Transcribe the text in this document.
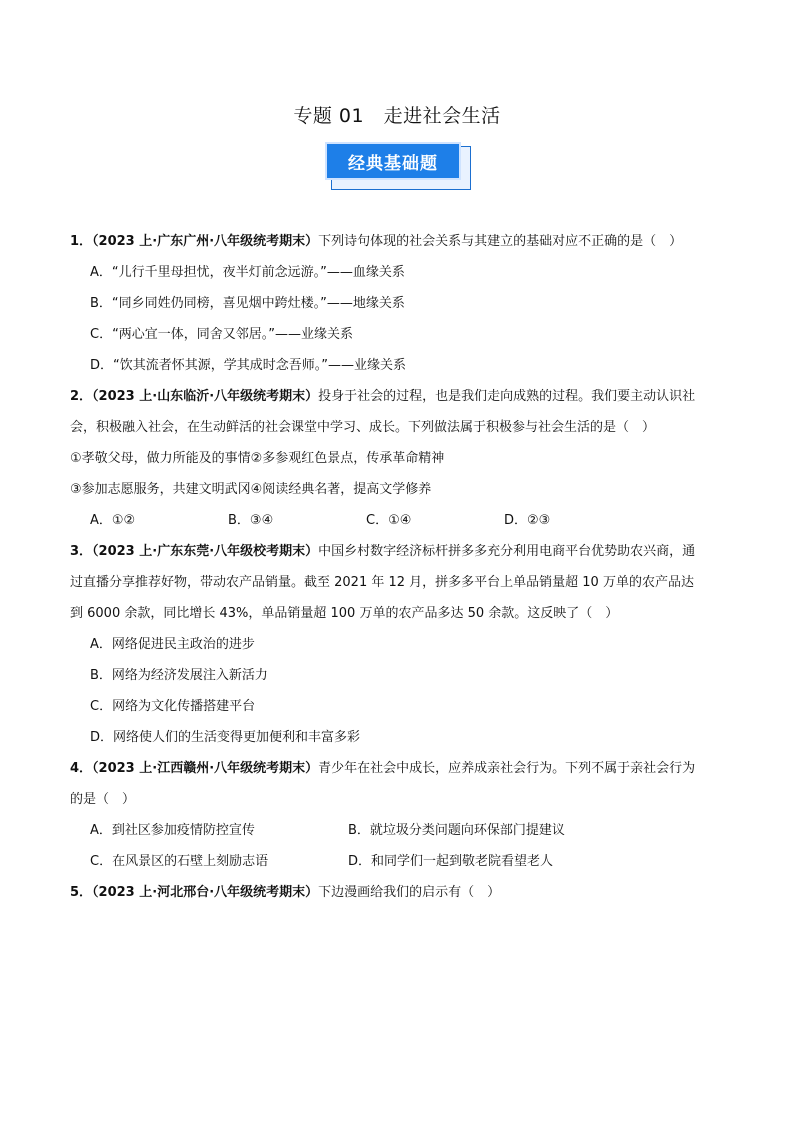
专题 01　走进社会生活
经典基础题
1．（2023 上·广东广州·八年级统考期末）下列诗句体现的社会关系与其建立的基础对应不正确的是（　）
A．“儿行千里母担忧，夜半灯前念远游。”——血缘关系
B．“同乡同姓仍同榜，喜见烟中跨灶楼。”——地缘关系
C．“两心宜一体，同舍又邻居。”——业缘关系
D．“饮其流者怀其源，学其成时念吾师。”——业缘关系
2．（2023 上·山东临沂·八年级统考期末）投身于社会的过程，也是我们走向成熟的过程。我们要主动认识社
会，积极融入社会，在生动鲜活的社会课堂中学习、成长。下列做法属于积极参与社会生活的是（　）
①孝敬父母，做力所能及的事情②多参观红色景点，传承革命精神
③参加志愿服务，共建文明武冈④阅读经典名著，提高文学修养
A．①②	B．③④	C．①④	D．②③
3．（2023 上·广东东莞·八年级校考期末）中国乡村数字经济标杆拼多多充分利用电商平台优势助农兴商，通
过直播分享推荐好物，带动农产品销量。截至 2021 年 12 月，拼多多平台上单品销量超 10 万单的农产品达
到 6000 余款，同比增长 43%，单品销量超 100 万单的农产品多达 50 余款。这反映了（　）
A．网络促进民主政治的进步
B．网络为经济发展注入新活力
C．网络为文化传播搭建平台
D．网络使人们的生活变得更加便利和丰富多彩
4．（2023 上·江西赣州·八年级统考期末）青少年在社会中成长，应养成亲社会行为。下列不属于亲社会行为
的是（　）
A．到社区参加疫情防控宣传	B．就垃圾分类问题向环保部门提建议
C．在风景区的石壁上刻励志语	D．和同学们一起到敬老院看望老人
5．（2023 上·河北邢台·八年级统考期末）下边漫画给我们的启示有（　）
